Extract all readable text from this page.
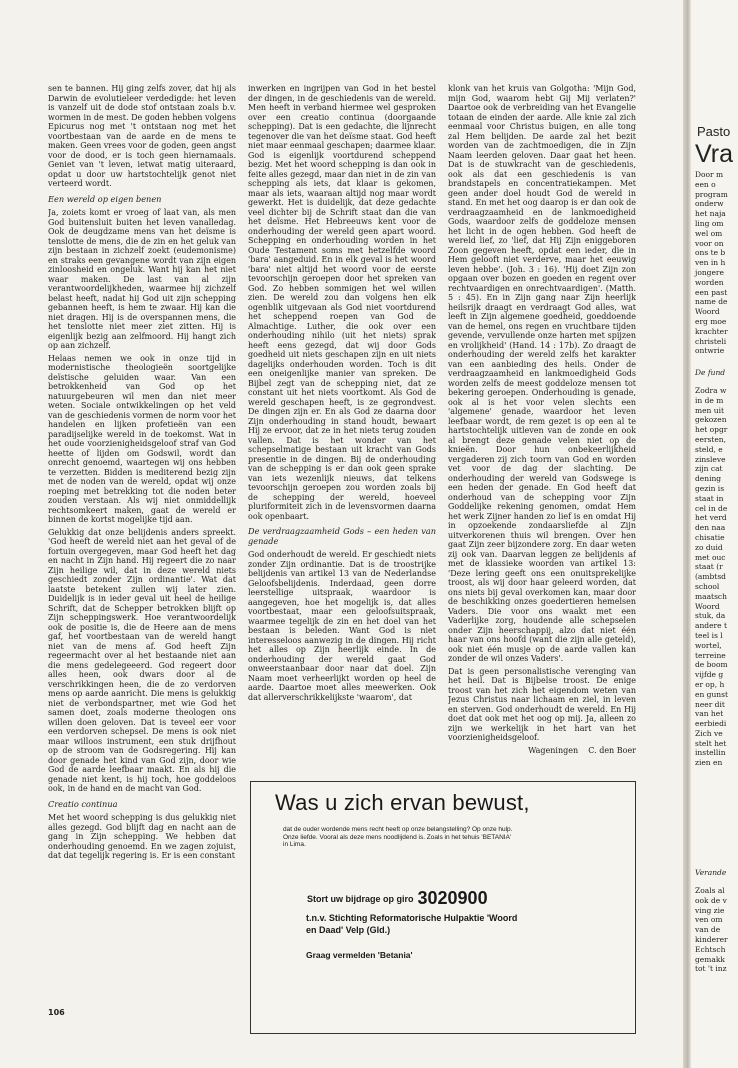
sen te bannen. Hij ging zelfs zover, dat hij als Darwin de evolutieleer verdedigde: het leven is vanzelf uit de dode stof ontstaan zoals b.v. wormen in de mest. De goden hebben volgens Epicurus nog met 't ontstaan nog met het voortbestaan van de aarde en de mens te maken. Geen vrees voor de goden, geen angst voor de dood, er is toch geen hiernamaals. Geniet van 't leven, ietwat matig uiteraard, opdat u door uw hartstochtelijk genot niet verteerd wordt.

Een wereld op eigen benen

Ja, zoiets komt er vroeg of laat van, als men God buitensluit buiten het leven vanalledag. Ook de deugdzame mens van het deïsme is tenslotte de mens, die de zin en het geluk van zijn bestaan in zichzelf zoekt (eudemonisme) en straks een gevangene wordt van zijn eigen zinloosheid en ongeluk. Want hij kan het niet waar maken. De last van al zijn verantwoordelijkheden, waarmee hij zichzelf belast heeft, nadat hij God uit zijn schepping gebannen heeft, is hem te zwaar. Hij kan die niet dragen. Hij is de overspannen mens, die het tenslotte niet meer ziet zitten. Hij is eigenlijk bezig aan zelfmoord. Hij hangt zich op aan zichzelf.

Helaas nemen we ook in onze tijd in modernistische theologieën soortgelijke deïstische geluiden waar. Van een betrokkenheid van God op het natuurgebeuren wil men dan niet meer weten. Sociale ontwikkelingen op het veld van de geschiedenis vormen de norm voor het handelen en lijken profetieën van een paradijselijke wereld in de toekomst. Wat in het oude voorzienigheidsgeloof straf van God heette of lijden om Godswil, wordt dan onrecht genoemd, waartegen wij ons hebben te verzetten. Bidden is mediterend bezig zijn met de noden van de wereld, opdat wij onze roeping met betrekking tot die noden beter zouden verstaan. Als wij niet onmiddellijk rechtsomkeert maken, gaat de wereld er binnen de kortst mogelijke tijd aan.

Gelukkig dat onze belijdenis anders spreekt. 'God heeft de wereld niet aan het geval of de fortuin overgegeven, maar God heeft het dag en nacht in Zijn hand. Hij regeert die zo naar Zijn heilige wil, dat in deze wereld niets geschiedt zonder Zijn ordinantie'. Wat dat laatste betekent zullen wij later zien. Duidelijk is in ieder geval uit heel de heilige Schrift, dat de Schepper betrokken blijft op Zijn scheppingswerk. Hoe verantwoordelijk ook de positie is, die de Heere aan de mens gaf, het voortbestaan van de wereld hangt niet van de mens af. God heeft Zijn regeermacht over al het bestaande niet aan die mens gedelegeeerd. God regeert door alles heen, ook dwars door al de verschrikkingen heen, die de zo verdorven mens op aarde aanricht. Die mens is gelukkig niet de verbondspartner, met wie God het samen doet, zoals moderne theologen ons willen doen geloven. Dat is teveel eer voor een verdorven schepsel. De mens is ook niet maar willoos instrument, een stuk drijfhout op de stroom van de Godsregering. Hij kan door genade het kind van God zijn, door wie God de aarde leefbaar maakt. En als hij die genade niet kent, is hij toch, hoe goddeloos ook, in de hand en de macht van God.

Creatio continua

Met het woord schepping is dus gelukkig niet alles gezegd. God blijft dag en nacht aan de gang in Zijn schepping. We hebben dat onderhouding genoemd. En we zagen zojuist, dat dat tegelijk regering is. Er is een constant

inwerken en ingrijpen van God in het bestel der dingen, in de geschiedenis van de wereld. Men heeft in verband hiermee wel gesproken over een creatio continua (doorgaande schepping). Dat is een gedachte, die lijnrecht tegenover die van het deïsme staat. God heeft niet maar eenmaal geschapen; daarmee klaar. God is eigenlijk voortdurend scheppend bezig. Met het woord schepping is dan ook in feite alles gezegd, maar dan niet in de zin van schepping als iets, dat klaar is gekomen, maar als iets, waaraan altijd nog maar wordt gewerkt. Het is duidelijk, dat deze gedachte veel dichter bij de Schrift staat dan die van het deïsme. Het Hebreeuws kent voor de onderhouding der wereld geen apart woord. Schepping en onderhouding worden in het Oude Testament soms met hetzelfde woord 'bara' aangeduid. En in elk geval is het woord 'bara' niet altijd het woord voor de eerste tevoorschijn geroepen door het spreken van God. Zo hebben sommigen het wel willen zien. De wereld zou dan volgens hen elk ogenblik uitgevaan als God niet voortdurend het scheppend roepen van God de Almachtige. Luther, die ook over een onderhouding nihilo (uit het niets) sprak heeft eens gezegd, dat wij door Gods goedheid uit niets geschapen zijn en uit niets dagelijks onderhouden worden. Toch is dit een oneigenlijke manier van spreken. De Bijbel zegt van de schepping niet, dat ze constant uit het niets voortkomt. Als God de wereld geschapen heeft, is ze gegrondvest. De dingen zijn er. En als God ze daarna door Zijn onderhouding in stand houdt, bewaart Hij ze ervoor, dat ze in het niets terug zouden vallen. Dat is het wonder van het schepselmatige bestaan uit kracht van Gods presentie in de dingen. Bij de onderhouding van de schepping is er dan ook geen sprake van iets wezenlijk nieuws, dat telkens tevoorschijn geroepen zou worden zoals bij de schepping der wereld, hoeveel pluriformiteit zich in de levensvormen daarna ook openbaart.

De verdraagzaamheid Gods – een heden van genade

God onderhoudt de wereld. Er geschiedt niets zonder Zijn ordinantie. Dat is de troostrijke belijdenis van artikel 13 van de Nederlandse Geloofsbelijdenis. Inderdaad, geen dorre leerstellige uitspraak, waardoor is aangegeven, hoe het mogelijk is, dat alles voortbestaat, maar een geloofsuitspraak, waarmee tegelijk de zin en het doel van het bestaan is beleden. Want God is niet interesseloos aanwezig in de dingen. Hij richt het alles op Zijn heerlijk einde. In de onderhouding der wereld gaat God onweerstaanbaar door naar dat doel. Zijn Naam moet verheerlijkt worden op heel de aarde. Daartoe moet alles meewerken. Ook dat allerverschrikkelijkste 'waarom', dat

klonk van het kruis van Golgotha: 'Mijn God, mijn God, waarom hebt Gij Mij verlaten?' Daartoe ook de verbreiding van het Evangelie totaan de einden der aarde. Alle knie zal zich eenmaal voor Christus buigen, en alle tong zal Hem belijden. De aarde zal het bezit worden van de zachtmoedigen, die in Zijn Naam leerden geloven. Daar gaat het heen. Dat is de stuwkracht van de geschiedenis, ook als dat een geschiedenis is van brandstapels en concentratiekampen. Met geen ander doel houdt God de wereld in stand. En met het oog daarop is er dan ook de verdraagzaamheid en de lankmoedigheid Gods, waardoor zelfs de goddeloze mensen het licht in de ogen hebben. God heeft de wereld lief, zo 'lief, dat Hij Zijn eniggeboren Zoon gegeven heeft, opdat een ieder, die in Hem gelooft niet verderve, maar het eeuwig leven hebbe'. (Joh. 3 : 16). 'Hij doet Zijn zon opgaan over bozen en goeden en regent over rechtvaardigen en onrechtvaardigen'. (Matth. 5 : 45). En in Zijn gang naar Zijn heerlijk heilsrijk draagt en verdraagt God alles, wat leeft in Zijn algemene goedheid, goeddoende van de hemel, ons regen en vruchtbare tijden gevende, vervullende onze harten met spijzen en vrolijkheid' (Hand. 14 : 17b). Zo draagt de onderhouding der wereld zelfs het karakter van een aanbieding des heils. Onder de verdraagzaamheid en lankmoedigheid Gods worden zelfs de meest goddeloze mensen tot bekering geroepen. Onderhouding is genade, ook al is het voor velen slechts een 'algemene' genade, waardoor het leven leefbaar wordt, de rem gezet is op een al te hartstochtelijk uitleven van de zonde en ook al brengt deze genade velen niet op de knieën. Door hun onbekeerlijkheid vergaderen zij zich toorn van God en worden vet voor de dag der slachting. De onderhouding der wereld van Godswege is een heden der genade. En God heeft dat onderhoud van de schepping voor Zijn Goddelijke rekening genomen, omdat Hem het werk Zijner handen zo lief is en omdat Hij in opzoekende zondaarsliefde al Zijn uitverkorenen thuis wil brengen. Over hen gaat Zijn zeer bijzondere zorg. En daar weten zij ook van. Daarvan leggen ze belijdenis af met de klassieke woorden van artikel 13: 'Deze lering geeft ons een onuitsprekelijke troost, als wij door haar geleerd worden, dat ons niets bij geval overkomen kan, maar door de beschikking onzes goedertieren hemelsen Vaders. Die voor ons waakt met een Vaderlijke zorg, houdende alle schepselen onder Zijn heerschappij, alzo dat niet één haar van ons hoofd (want die zijn alle geteld), ook niet één musje op de aarde vallen kan zonder de wil onzes Vaders'.

Dat is geen personalistische verenging van het heil. Dat is Bijbelse troost. De enige troost van het zich het eigendom weten van Jezus Christus naar lichaam en ziel, in leven en sterven. God onderhoudt de wereld. En Hij doet dat ook met het oog op mij. Ja, alleen zo zijn we werkelijk in het hart van het voorzienigheidsgeloof.

Wageningen    C. den Boer

Was u zich ervan bewust,
dat de ouder wordende mens recht heeft op onze belangstelling? Op onze hulp.
Onze liefde. Vooral als deze mens noodlijdend is. Zoals in het tehuis 'BETANIA'
in Lima.
Stort uw bijdrage op giro 3020900
t.n.v. Stichting Reformatorische Hulpaktie 'Woord
en Daad' Velp (Gld.)
Graag vermelden 'Betania'
106
Pasto
Vra
Door m
een o
program
onderw
het naja
ling om
wel om
voor on
ons te b
ven in h
jongere
worden
een past
name de
Woord
erg moe
krachter
christeli
ontwrie
De fund
Zodra w
in de m
men uit
gekozen
het opgr
eersten,
steld, e
zinsleve
zijn cat
dening
gezin is
staat in
cel in de
het verd
den naa
chisatie
zo duid
met ouc
staat (r
(ambtsd
school
maatsch
Woord
stuk, da
andere t
teel is l
wortel,
terreine
de boom
vijfde g
er op, h
en gunst
neer dit
van het
eerbiedi
Zich ve
stelt het
instellin
zien en
Verande
Zoals al
ook de v
ving zie
ven om
van de
kinderer
Echtsch
gemakk
tot 't inz
